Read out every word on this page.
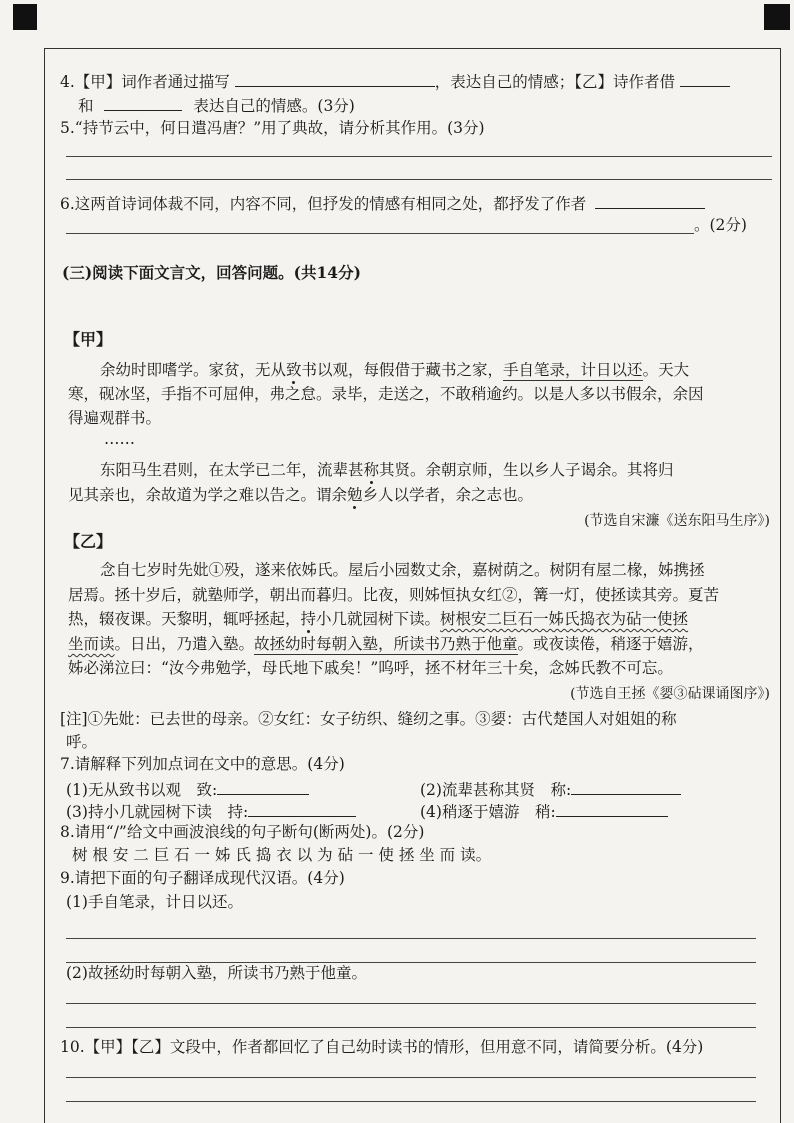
4.【甲】词作者通过描写	，表达自己的情感；【乙】诗作者借
和	表达自己的情感。(3分)
5.“持节云中，何日遣冯唐？”用了典故，请分析其作用。(3分)
6.这两首诗词体裁不同，内容不同，但抒发的情感有相同之处，都抒发了作者
。(2分)
(三)阅读下面文言文，回答问题。(共14分)
【甲】
余幼时即嗜学。家贫，无从致书以观，每假借于藏书之家，手自笔录，计日以还。天大
寒，砚冰坚，手指不可屈伸，弗之怠。录毕，走送之，不敢稍逾约。以是人多以书假余，余因
得遍观群书。
……
东阳马生君则，在太学已二年，流辈甚称其贤。余朝京师，生以乡人子谒余。其将归
见其亲也，余故道为学之难以告之。谓余勉乡人以学者，余之志也。
(节选自宋濂《送东阳马生序》)
【乙】
念自七岁时先妣①殁，遂来依姊氏。屋后小园数丈余，嘉树荫之。树阴有屋二椽，姊携拯
居焉。拯十岁后，就塾师学，朝出而暮归。比夜，则姊恒执女红②，篝一灯，使拯读其旁。夏苦
热，辍夜课。天黎明，辄呼拯起，持小几就园树下读。树根安二巨石一姊氏捣衣为砧一使拯
坐而读。日出，乃遣入塾。故拯幼时每朝入塾，所读书乃熟于他童。或夜读倦，稍逐于嬉游，
姊必涕泣曰：“汝今弗勉学，母氏地下戚矣！”呜呼，拯不材年三十矣，念姊氏教不可忘。
(节选自王拯《媭③砧课诵图序》)
[注]①先妣：已去世的母亲。②女红：女子纺织、缝纫之事。③媭：古代楚国人对姐姐的称
呼。
7.请解释下列加点词在文中的意思。(4分)
(1)无从致书以观　致:	(2)流辈甚称其贤　称:
(3)持小几就园树下读　持:	(4)稍逐于嬉游　稍:
8.请用“/”给文中画波浪线的句子断句(断两处)。(2分)
树 根 安 二 巨 石 一 姊 氏 捣 衣 以 为 砧 一 使 拯 坐 而 读。
9.请把下面的句子翻译成现代汉语。(4分)
(1)手自笔录，计日以还。
(2)故拯幼时每朝入塾，所读书乃熟于他童。
10.【甲】【乙】文段中，作者都回忆了自己幼时读书的情形，但用意不同，请简要分析。(4分)
